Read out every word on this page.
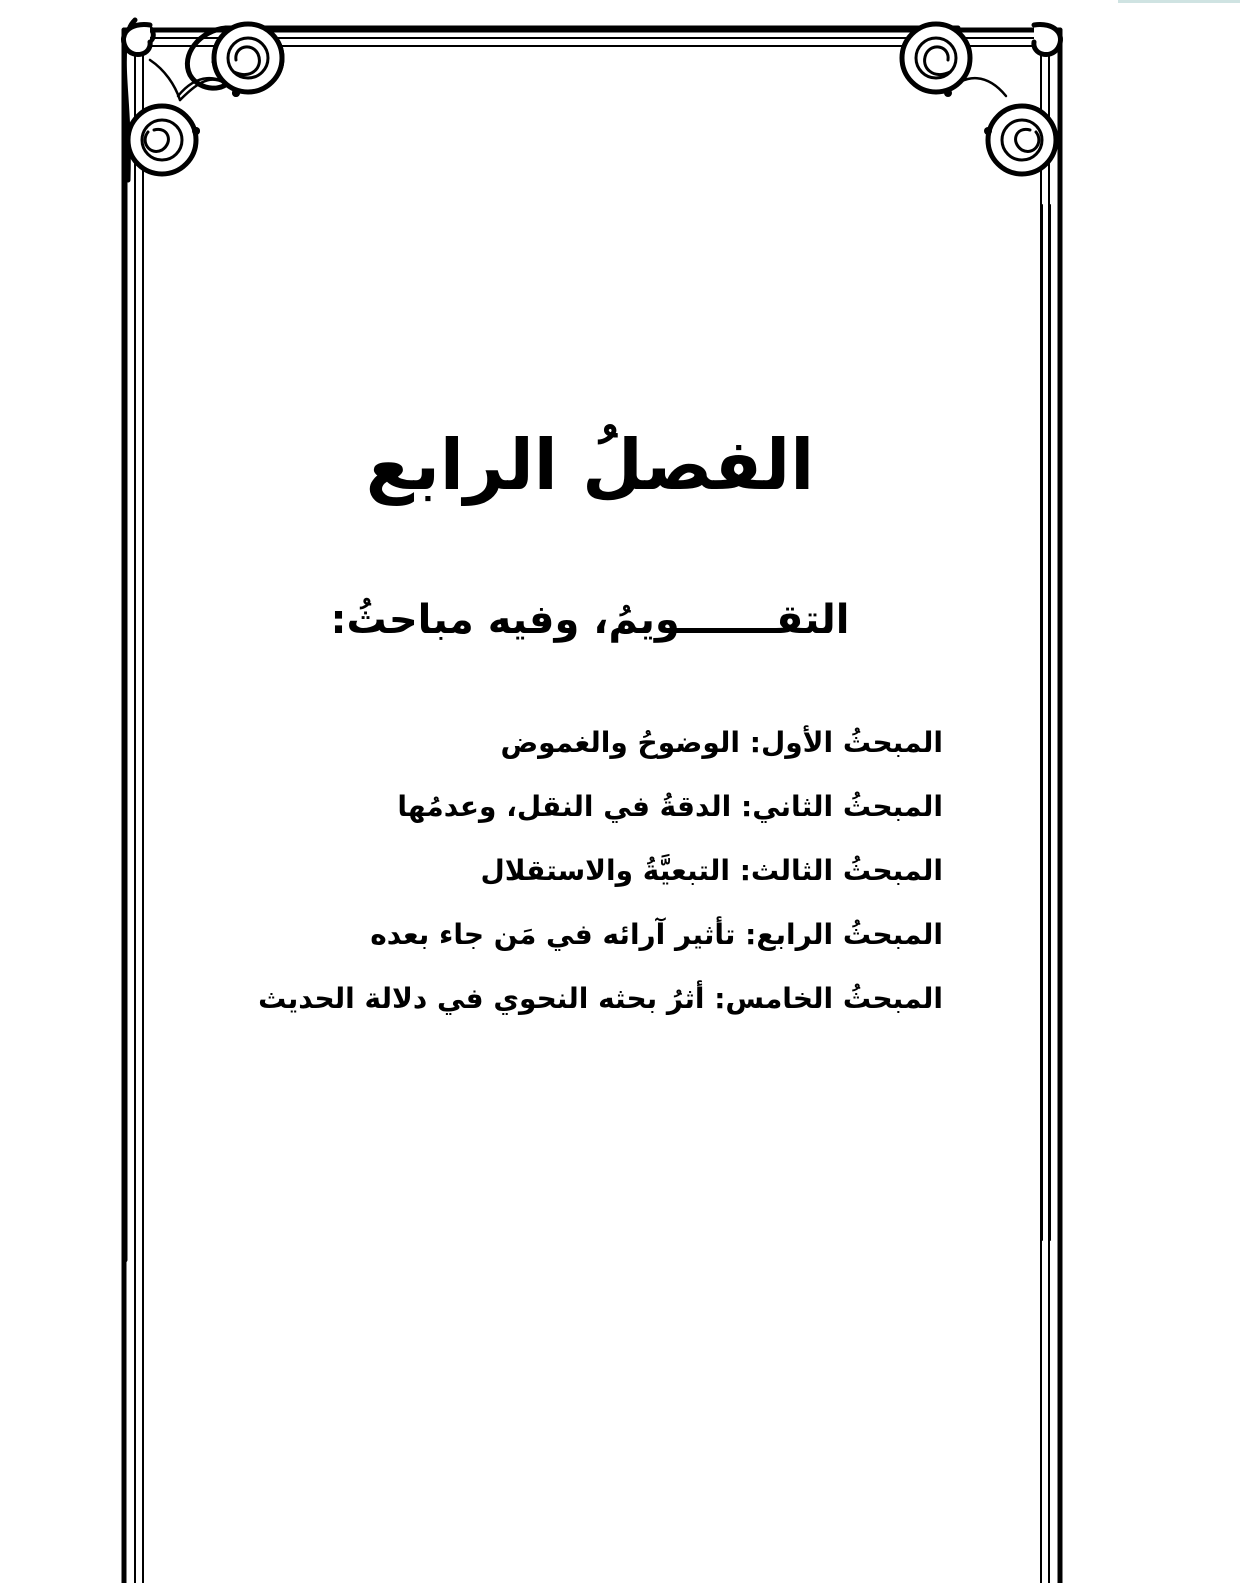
الفصلُ الرابع
التقـــــــويمُ، وفيه مباحثُ:
المبحثُ الأول: الوضوحُ والغموض
المبحثُ الثاني: الدقةُ في النقل، وعدمُها
المبحثُ الثالث: التبعيَّةُ والاستقلال
المبحثُ الرابع: تأثير آرائه في مَن جاء بعده
المبحثُ الخامس: أثرُ بحثه النحوي في دلالة الحديث
